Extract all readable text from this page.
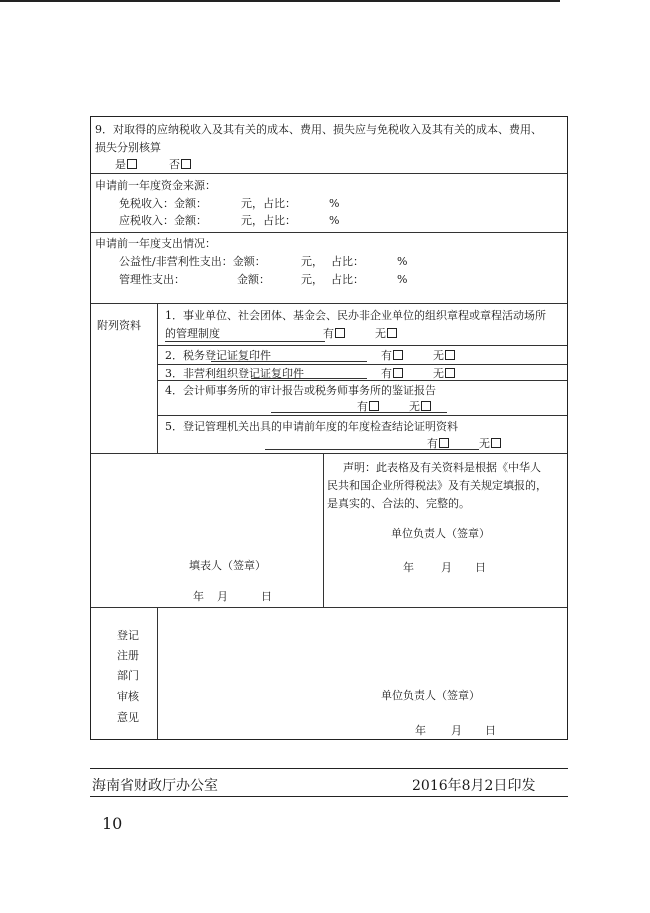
9．对取得的应纳税收入及其有关的成本、费用、损失应与免税收入及其有关的成本、费用、
损失分别核算
是	否
申请前一年度资金来源：
免税收入：金额：	元，占比：	%
应税收入：金额：	元，占比：	%
申请前一年度支出情况：
公益性/非营利性支出：金额：	元， 占比：	%
管理性支出：	金额：	元， 占比：	%
附列资料
1．事业单位、社会团体、基金会、民办非企业单位的组织章程或章程活动场所
的管理制度	有	无
2．税务登记证复印件	有	无
3．非营利组织登记证复印件	有	无
4．会计师事务所的审计报告或税务师事务所的鉴证报告
有	无
5．登记管理机关出具的申请前年度的年度检查结论证明资料
有	无
填表人（签章）
年 月	日
声明：此表格及有关资料是根据《中华人
民共和国企业所得税法》及有关规定填报的，
是真实的、合法的、完整的。
单位负责人（签章）
年 月 日
登记
注册
部门
审核
意见
单位负责人（签章）
年 月 日
海南省财政厅办公室	2016年8月2日印发
10
